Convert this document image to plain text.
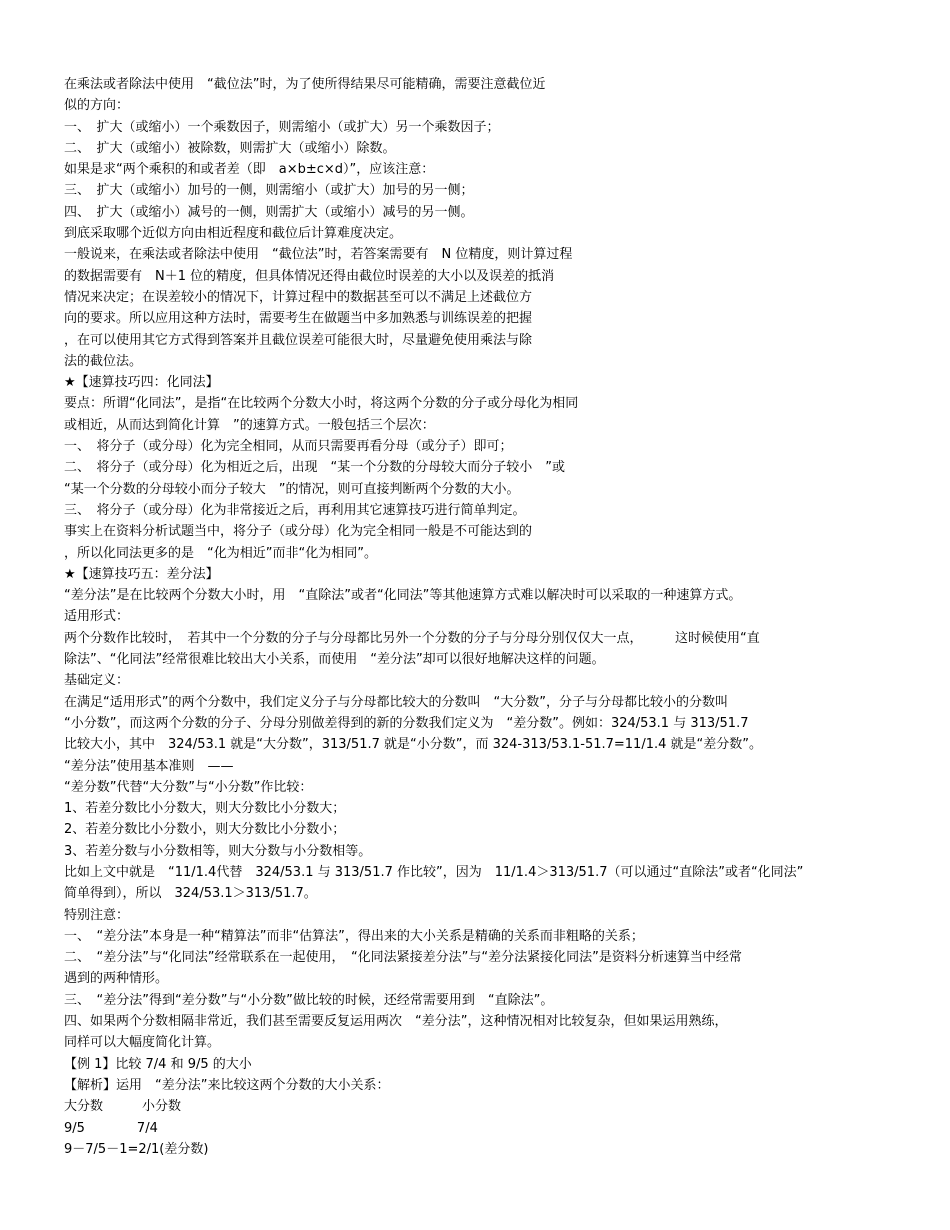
在乘法或者除法中使用　“截位法”时，为了使所得结果尽可能精确，需要注意截位近
似的方向：
一、　扩大（或缩小）一个乘数因子，则需缩小（或扩大）另一个乘数因子；
二、　扩大（或缩小）被除数，则需扩大（或缩小）除数。
如果是求“两个乘积的和或者差（即　a×b±c×d）”，应该注意：
三、　扩大（或缩小）加号的一侧，则需缩小（或扩大）加号的另一侧；
四、　扩大（或缩小）减号的一侧，则需扩大（或缩小）减号的另一侧。
到底采取哪个近似方向由相近程度和截位后计算难度决定。
一般说来，在乘法或者除法中使用　“截位法”时，若答案需要有　N 位精度，则计算过程
的数据需要有　N＋1 位的精度，但具体情况还得由截位时误差的大小以及误差的抵消
情况来决定；在误差较小的情况下，计算过程中的数据甚至可以不满足上述截位方
向的要求。所以应用这种方法时，需要考生在做题当中多加熟悉与训练误差的把握
，在可以使用其它方式得到答案并且截位误差可能很大时，尽量避免使用乘法与除
法的截位法。
★【速算技巧四：化同法】
要点：所谓“化同法”，是指“在比较两个分数大小时，将这两个分数的分子或分母化为相同
或相近，从而达到简化计算　”的速算方式。一般包括三个层次：
一、　将分子（或分母）化为完全相同，从而只需要再看分母（或分子）即可；
二、　将分子（或分母）化为相近之后，出现　“某一个分数的分母较大而分子较小　”或
“某一个分数的分母较小而分子较大　”的情况，则可直接判断两个分数的大小。
三、　将分子（或分母）化为非常接近之后，再利用其它速算技巧进行简单判定。
事实上在资料分析试题当中，将分子（或分母）化为完全相同一般是不可能达到的
，所以化同法更多的是　“化为相近”而非“化为相同”。
★【速算技巧五：差分法】
“差分法”是在比较两个分数大小时，用　“直除法”或者“化同法”等其他速算方式难以解决时可以采取的一种速算方式。
适用形式：
两个分数作比较时，　若其中一个分数的分子与分母都比另外一个分数的分子与分母分别仅仅大一点，　　　这时候使用“直
除法”、“化同法”经常很难比较出大小关系，而使用　“差分法”却可以很好地解决这样的问题。
基础定义：
在满足“适用形式”的两个分数中，我们定义分子与分母都比较大的分数叫　“大分数”，分子与分母都比较小的分数叫
“小分数”，而这两个分数的分子、分母分别做差得到的新的分数我们定义为　“差分数”。例如：324/53.1 与 313/51.7
比较大小，其中　324/53.1 就是“大分数”，313/51.7 就是“小分数”，而 324-313/53.1-51.7=11/1.4 就是“差分数”。
“差分法”使用基本准则　——
“差分数”代替“大分数”与“小分数”作比较：
1、若差分数比小分数大，则大分数比小分数大；
2、若差分数比小分数小，则大分数比小分数小；
3、若差分数与小分数相等，则大分数与小分数相等。
比如上文中就是　“11/1.4代替　324/53.1 与 313/51.7 作比较”，因为　11/1.4＞313/51.7（可以通过“直除法”或者“化同法”
简单得到），所以　324/53.1＞313/51.7。
特别注意：
一、　“差分法”本身是一种“精算法”而非“估算法”，得出来的大小关系是精确的关系而非粗略的关系；
二、　“差分法”与“化同法”经常联系在一起使用，　“化同法紧接差分法”与“差分法紧接化同法”是资料分析速算当中经常
遇到的两种情形。
三、　“差分法”得到“差分数”与“小分数”做比较的时候，还经常需要用到　“直除法”。
四、如果两个分数相隔非常近，我们甚至需要反复运用两次　“差分法”，这种情况相对比较复杂，但如果运用熟练，
同样可以大幅度简化计算。
【例 1】比较 7/4 和 9/5 的大小
【解析】运用　“差分法”来比较这两个分数的大小关系：
大分数　　　小分数
9/5　　　　7/4
9－7/5－1=2/1(差分数)
